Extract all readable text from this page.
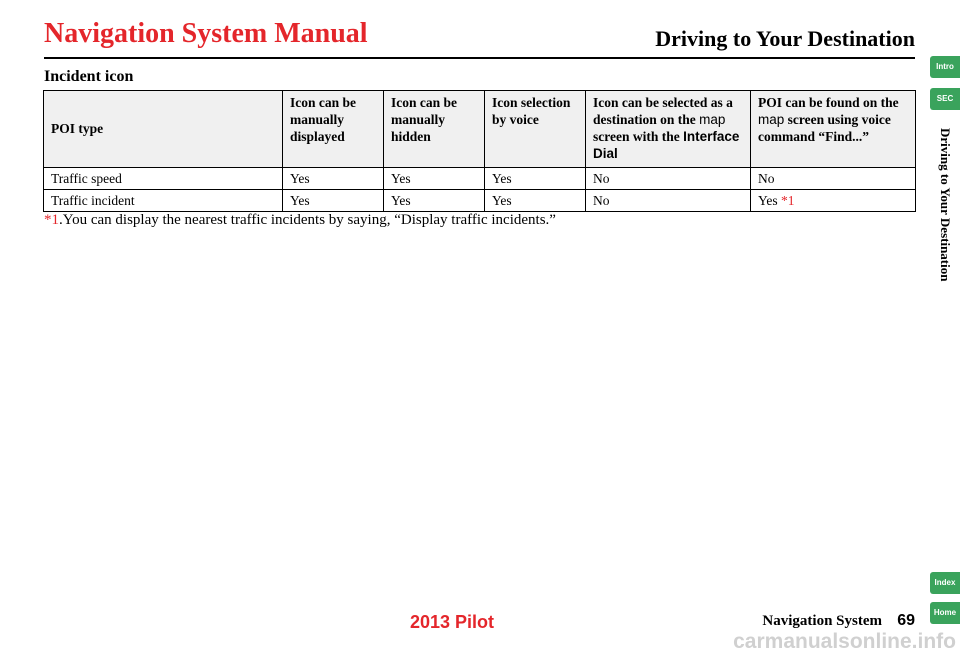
Navigation System Manual	Driving to Your Destination
Incident icon
POI type	Icon can be manually displayed	Icon can be manually hidden	Icon selection by voice	Icon can be selected as a destination on the map screen with the Interface Dial	POI can be found on the map screen using voice command “Find...”
Traffic speed	Yes	Yes	Yes	No	No
Traffic incident	Yes	Yes	Yes	No	Yes *1
*1.You can display the nearest traffic incidents by saying, “Display traffic incidents.”
Intro
SEC
Driving to Your Destination
Index
Home
Navigation System 69
2013 Pilot
carmanualsonline.info
